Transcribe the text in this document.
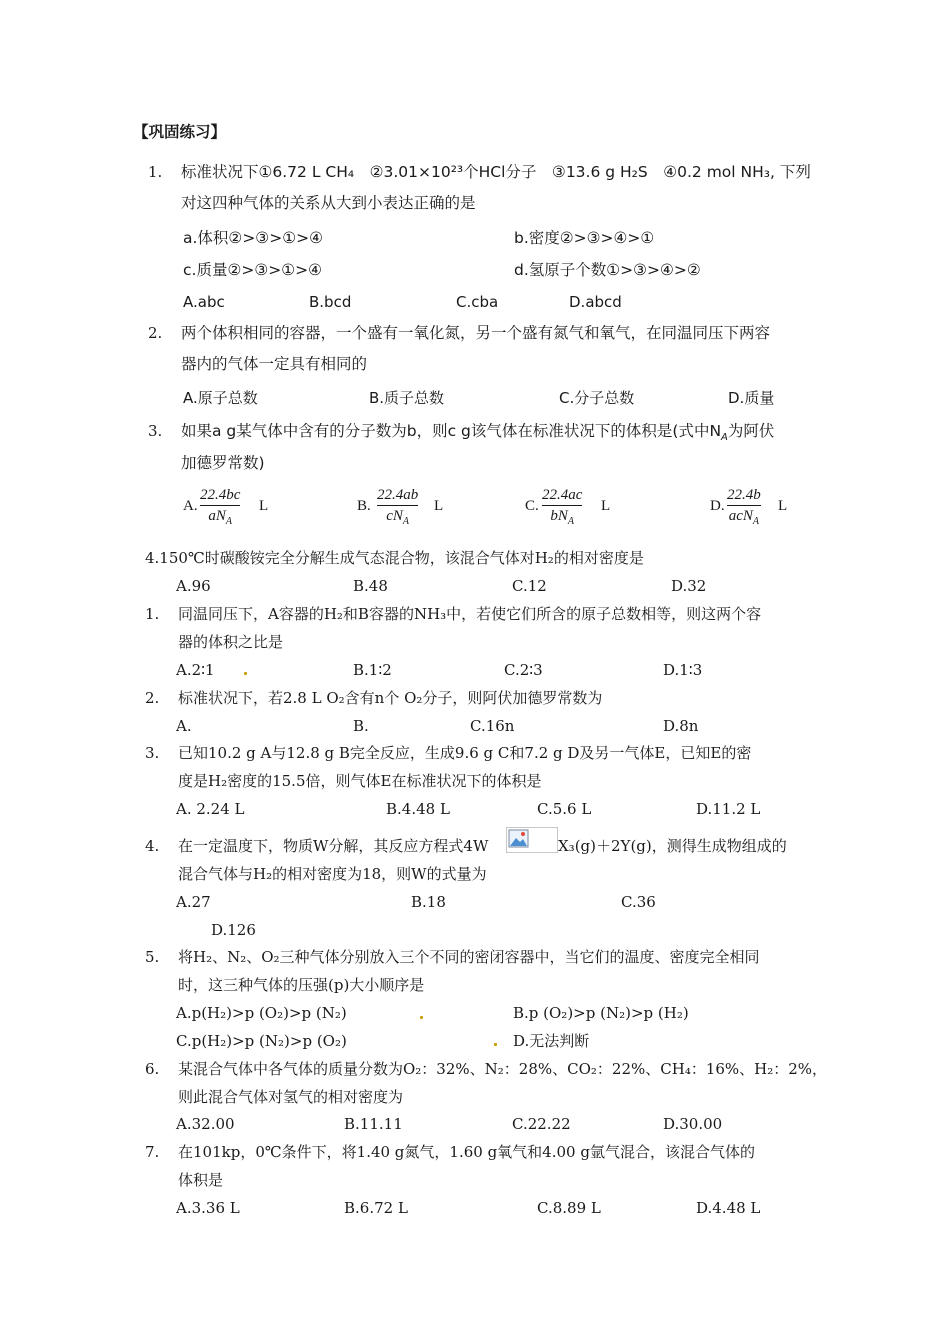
【巩固练习】
1. 标准状况下①6.72 L CH₄　②3.01×10²³个HCl分子　③13.6 g H₂S　④0.2 mol NH₃, 下列
对这四种气体的关系从大到小表达正确的是
a.体积②>③>①>④	b.密度②>③>④>①
c.质量②>③>①>④	d.氢原子个数①>③>④>②
A.abc	B.bcd	C.cba	D.abcd
2. 两个体积相同的容器，一个盛有一氧化氮，另一个盛有氮气和氧气，在同温同压下两容
器内的气体一定具有相同的
A.原子总数	B.质子总数	C.分子总数	D.质量
3. 如果a g某气体中含有的分子数为b，则c g该气体在标准状况下的体积是(式中$N_A$为阿伏
加德罗常数)
A.
22.4bc
$aN_A$
L	B.
22.4ab
$cN_A$
L	C.
22.4ac
$bN_A$
L	D.
22.4b
acN$_A$
L
4.150℃时碳酸铵完全分解生成气态混合物，该混合气体对H₂的相对密度是
A.96	B.48	C.12	D.32
1. 同温同压下，A容器的H₂和B容器的NH₃中，若使它们所含的原子总数相等，则这两个容
器的体积之比是
A.2∶1	B.1∶2	C.2∶3	D.1∶3
2. 标准状况下，若2.8 L O₂含有n个 O₂分子，则阿伏加德罗常数为
A.	B.	C.16n	D.8n
3. 已知10.2 g A与12.8 g B完全反应，生成9.6 g C和7.2 g D及另一气体E，已知E的密
度是H₂密度的15.5倍，则气体E在标准状况下的体积是
A. 2.24 L	B.4.48 L	C.5.6 L	D.11.2 L
4. 在一定温度下，物质W分解，其反应方程式4W	X₃(g)＋2Y(g)，测得生成物组成的
混合气体与H₂的相对密度为18，则W的式量为
A.27	B.18	C.36
D.126
5. 将H₂、N₂、O₂三种气体分别放入三个不同的密闭容器中，当它们的温度、密度完全相同
时，这三种气体的压强(p)大小顺序是
A.p(H₂)>p (O₂)>p (N₂)	B.p (O₂)>p (N₂)>p (H₂)
C.p(H₂)>p (N₂)>p (O₂)	D.无法判断
6. 某混合气体中各气体的质量分数为O₂：32%、N₂：28%、CO₂：22%、CH₄：16%、H₂：2%，
则此混合气体对氢气的相对密度为
A.32.00	B.11.11	C.22.22	D.30.00
7. 在101kp，0℃条件下，将1.40 g氮气，1.60 g氧气和4.00 g氩气混合，该混合气体的
体积是
A.3.36 L	B.6.72 L	C.8.89 L	D.4.48 L
